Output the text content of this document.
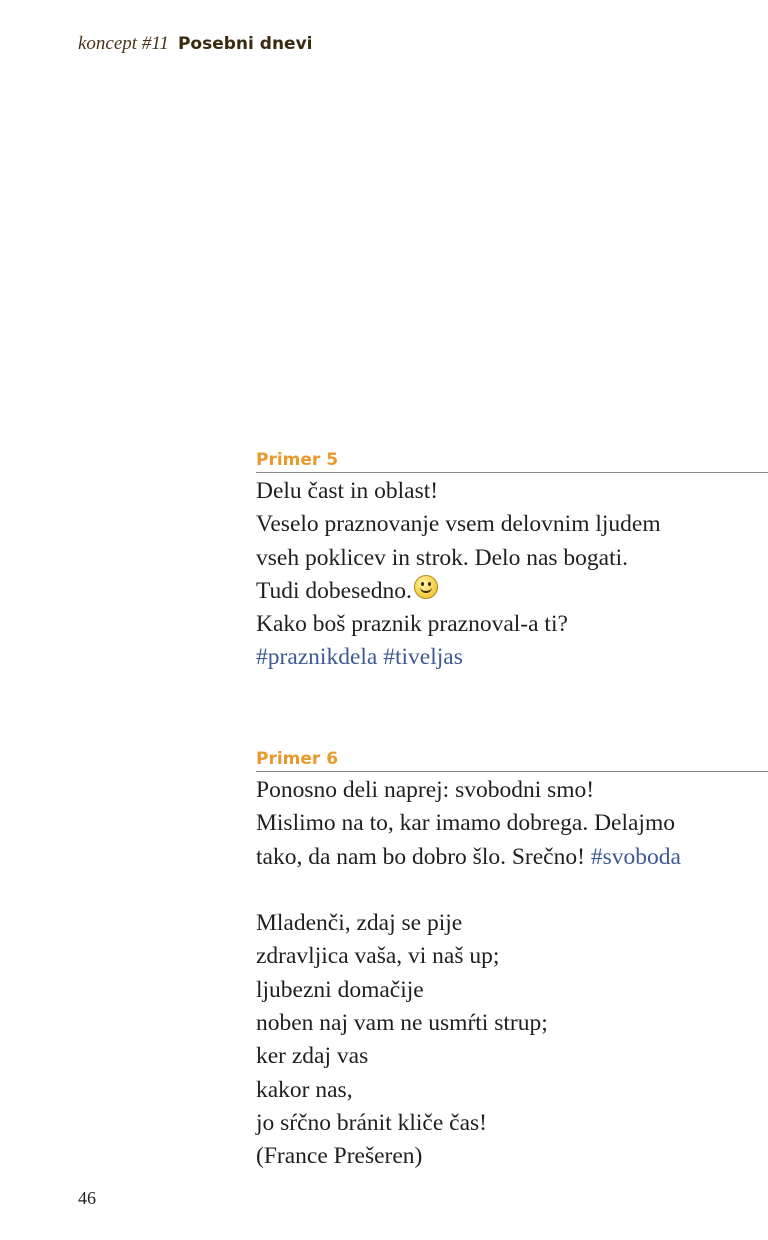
koncept #11 Posebni dnevi
Primer 5
Delu čast in oblast!
Veselo praznovanje vsem delovnim ljudem
vseh poklicev in strok. Delo nas bogati.
Tudi dobesedno.
Kako boš praznik praznoval-a ti?
#praznikdela #tiveljas
Primer 6
Ponosno deli naprej: svobodni smo!
Mislimo na to, kar imamo dobrega. Delajmo
tako, da nam bo dobro šlo. Srečno! #svoboda
Mladenči, zdaj se pije
zdravljica vaša, vi naš up;
ljubezni domačije
noben naj vam ne usmŕti strup;
ker zdaj vas
kakor nas,
jo sŕčno bránit kliče čas!
(France Prešeren)
46
